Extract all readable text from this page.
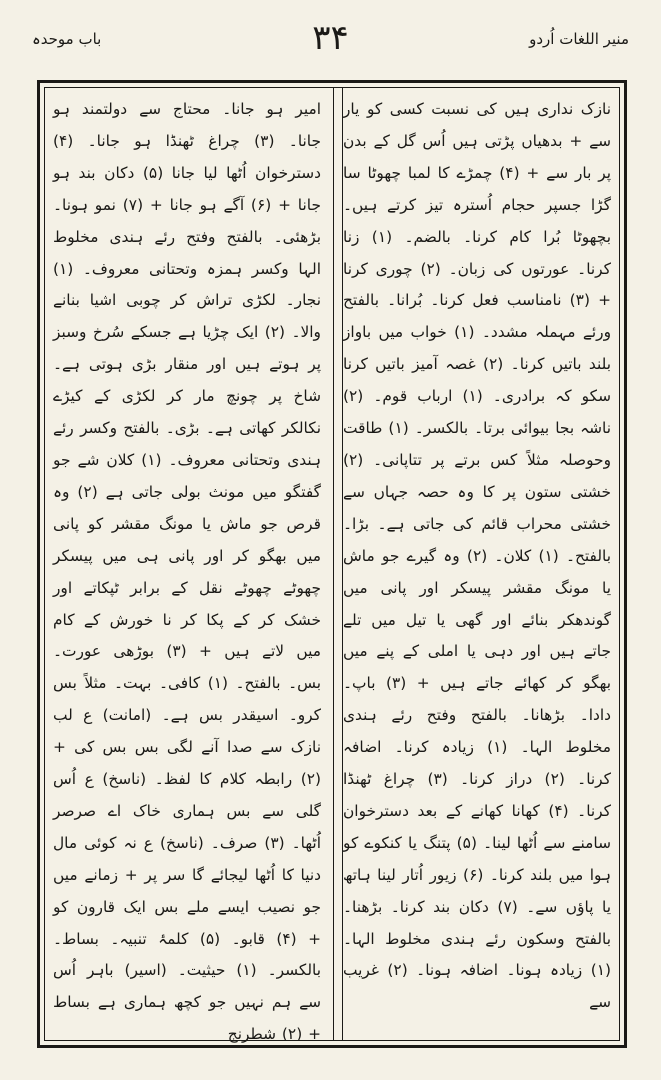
باب موحدہ	۳۴	منیر اللغات اُردو

نازک نداری ہیں کی نسبت کسی کو یار سے + بدھیاں پڑتی ہیں اُس گل کے بدن پر بار سے + (۴) چمڑے کا لمبا چھوٹا سا گڑا جسپر حجام اُسترہ تیز کرتے ہیں۔ بچھوٹا بُرا کام کرنا۔ بالضم۔ (۱) زنا کرنا۔ عورتوں کی زبان۔ (۲) چوری کرنا + (۳) نامناسب فعل کرنا۔ بُرانا۔ بالفتح ورئے مہملہ مشدد۔ (۱) خواب میں باواز بلند باتیں کرنا۔ (۲) غصہ آمیز باتیں کرنا سکو کہ برادری۔ (۱) ارباب قوم۔ (۲) ناشہ بجا بیوائی برتا۔ بالکسر۔ (۱) طاقت وحوصلہ مثلاً کس برتے پر تتاپانی۔ (۲) خشتی ستون پر کا وہ حصہ جہاں سے خشتی محراب قائم کی جاتی ہے۔ بڑا۔ بالفتح۔ (۱) کلان۔ (۲) وہ گیرے جو ماش یا مونگ مقشر پیسکر اور پانی میں گوندھکر بنائے اور گھی یا تیل میں تلے جاتے ہیں اور دہی یا املی کے پنے میں بھگو کر کھائے جاتے ہیں + (۳) باپ۔ دادا۔ بڑھانا۔ بالفتح وفتح رئے ہندی مخلوط الہا۔ (۱) زیادہ کرنا۔ اضافہ کرنا۔ (۲) دراز کرنا۔ (۳) چراغ ٹھنڈا کرنا۔ (۴) کھانا کھانے کے بعد دسترخوان سامنے سے اُٹھا لینا۔ (۵) پتنگ یا کنکوے کو ہوا میں بلند کرنا۔ (۶) زیور اُتار لینا ہاتھ یا پاؤں سے۔ (۷) دکان بند کرنا۔ بڑھنا۔ بالفتح وسکون رئے ہندی مخلوط الہا۔ (۱) زیادہ ہونا۔ اضافہ ہونا۔ (۲) غریب سے

امیر ہو جانا۔ محتاج سے دولتمند ہو جانا۔ (۳) چراغ ٹھنڈا ہو جانا۔ (۴) دسترخوان اُٹھا لیا جانا (۵) دکان بند ہو جانا + (۶) آگے ہو جانا + (۷) نمو ہونا۔ بڑھئی۔ بالفتح وفتح رئے ہندی مخلوط الہا وکسر ہمزہ وتحتانی معروف۔ (۱) نجار۔ لکڑی تراش کر چوبی اشیا بنانے والا۔ (۲) ایک چڑیا ہے جسکے سُرخ وسبز پر ہوتے ہیں اور منقار بڑی ہوتی ہے۔ شاخ پر چونچ مار کر لکڑی کے کیڑے نکالکر کھاتی ہے۔ بڑی۔ بالفتح وکسر رئے ہندی وتحتانی معروف۔ (۱) کلان شے جو گفتگو میں مونث بولی جاتی ہے (۲) وہ قرص جو ماش یا مونگ مقشر کو پانی میں بھگو کر اور پانی ہی میں پیسکر چھوٹے چھوٹے نقل کے برابر ٹپکاتے اور خشک کر کے پکا کر نا خورش کے کام میں لاتے ہیں + (۳) بوڑھی عورت۔ بس۔ بالفتح۔ (۱) کافی۔ بہت۔ مثلاً بس کرو۔ اسیقدر بس ہے۔ (امانت) ع لب نازک سے صدا آنے لگی بس بس کی + (۲) رابطہ کلام کا لفظ۔ (ناسخ) ع اُس گلی سے بس ہماری خاک اے صرصر اُٹھا۔ (۳) صرف۔ (ناسخ) ع نہ کوئی مال دنیا کا اُٹھا لیجائے گا سر پر + زمانے میں جو نصیب ایسے ملے بس ایک قارون کو + (۴) قابو۔ (۵) کلمۂ تنبیہ۔ بساط۔ بالکسر۔ (۱) حیثیت۔ (اسیر) باہر اُس سے ہم نہیں جو کچھ ہماری ہے بساط + (۲) شطرنج
